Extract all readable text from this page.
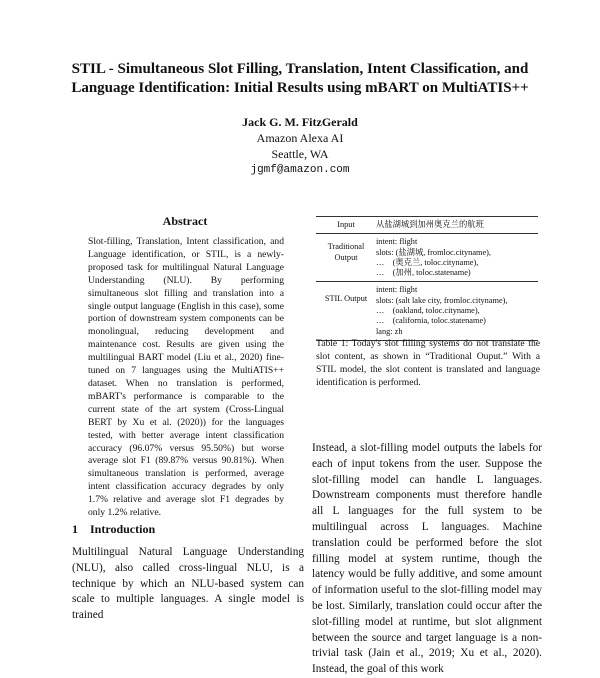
STIL - Simultaneous Slot Filling, Translation, Intent Classification, and
Language Identification: Initial Results using mBART on MultiATIS++
Jack G. M. FitzGerald
Amazon Alexa AI
Seattle, WA
jgmf@amazon.com
Abstract
Slot-filling, Translation, Intent classification, and Language identification, or STIL, is a newly-proposed task for multilingual Natural Language Understanding (NLU). By performing simultaneous slot filling and translation into a single output language (English in this case), some portion of downstream system components can be monolingual, reducing development and maintenance cost. Results are given using the multilingual BART model (Liu et al., 2020) fine-tuned on 7 languages using the MultiATIS++ dataset. When no translation is performed, mBART's performance is comparable to the current state of the art system (Cross-Lingual BERT by Xu et al. (2020)) for the languages tested, with better average intent classification accuracy (96.07% versus 95.50%) but worse average slot F1 (89.87% versus 90.81%). When simultaneous translation is performed, average intent classification accuracy degrades by only 1.7% relative and average slot F1 degrades by only 1.2% relative.
1 Introduction
Multilingual Natural Language Understanding (NLU), also called cross-lingual NLU, is a technique by which an NLU-based system can scale to multiple languages. A single model is trained
Input	从盐湖城到加州奥克兰的航班

Traditional Output	intent: flight
slots: (盐湖城, fromloc.cityname),
…    (奥克兰, toloc.cityname),
…    (加州, toloc.statename)

STIL Output	intent: flight
slots: (salt lake city, fromloc.cityname),
…    (oakland, toloc.cityname),
…    (california, toloc.statename)
lang: zh
Table 1: Today's slot filling systems do not translate the slot content, as shown in “Traditional Ouput.” With a STIL model, the slot content is translated and language identification is performed.
Instead, a slot-filling model outputs the labels for each of input tokens from the user. Suppose the slot-filling model can handle L languages. Downstream components must therefore handle all L languages for the full system to be multilingual across L languages. Machine translation could be performed before the slot filling model at system runtime, though the latency would be fully additive, and some amount of information useful to the slot-filling model may be lost. Similarly, translation could occur after the slot-filling model at runtime, but slot alignment between the source and target language is a non-trivial task (Jain et al., 2019; Xu et al., 2020). Instead, the goal of this work
